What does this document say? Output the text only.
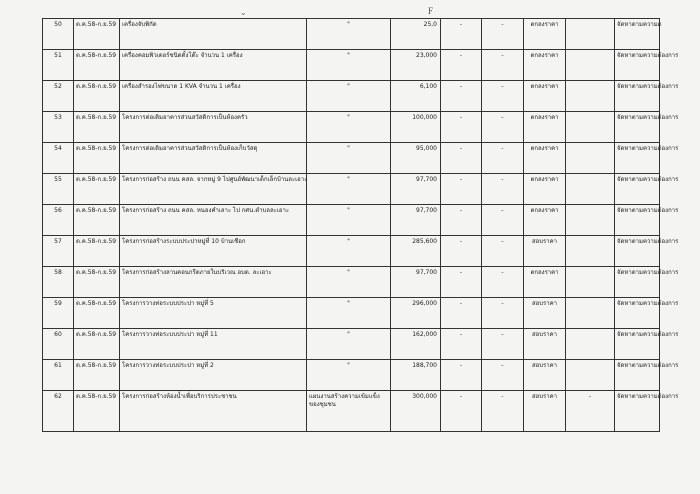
F
⌄
50	ต.ค.58-ก.ย.59	เครื่องจับพิกัด	"	25,0	-	-	ตกลงราคา		จัดหาตามความต
51	ต.ค.58-ก.ย.59	เครื่องคอมพิวเตอร์ชนิดตั้งโต๊ะ จำนวน 1 เครื่อง	"	23,000	-	-	ตกลงราคา		จัดหาตามความต้องการ
52	ต.ค.58-ก.ย.59	เครื่องสำรองไฟขนาด 1 KVA จำนวน 1 เครื่อง	"	6,100	-	-	ตกลงราคา		จัดหาตามความต้องการ
53	ต.ค.58-ก.ย.59	โครงการต่อเติมอาคารส่วนสวัสดิการเป็นห้องครัว	"	100,000	-	-	ตกลงราคา		จัดหาตามความต้องการ
54	ต.ค.58-ก.ย.59	โครงการต่อเติมอาคารส่วนสวัสดิการเป็นห้องเก็บวัสดุ	"	95,000	-	-	ตกลงราคา		จัดหาตามความต้องการ
55	ต.ค.58-ก.ย.59	โครงการก่อสร้าง ถนน คสล. จากหมู่ 9 ไปศูนย์พัฒนาเด็กเล็กบ้านละเอาะ	"	97,700	-	-	ตกลงราคา		จัดหาตามความต้องการ
56	ต.ค.58-ก.ย.59	โครงการก่อสร้าง ถนน คสล. หนองคำเลาะ ไป กศน.ตำบลละเอาะ	"	97,700	-	-	ตกลงราคา		จัดหาตามความต้องการ
57	ต.ค.58-ก.ย.59	โครงการก่อสร้างระบบประปาหมู่ที่ 10 บ้านเชือก	"	285,600	-	-	สอบราคา		จัดหาตามความต้องการ
58	ต.ค.58-ก.ย.59	โครงการก่อสร้างลานคอนกรีตภายในบริเวณ อบต. ละเอาะ	"	97,700	-	-	ตกลงราคา		จัดหาตามความต้องการ
59	ต.ค.58-ก.ย.59	โครงการวางท่อระบบประปา หมู่ที่ 5	"	296,000	-	-	สอบราคา		จัดหาตามความต้องการ
60	ต.ค.58-ก.ย.59	โครงการวางท่อระบบประปา หมู่ที่ 11	"	162,000	-	-	สอบราคา		จัดหาตามความต้องการ
61	ต.ค.58-ก.ย.59	โครงการวางท่อระบบประปา หมู่ที่ 2	"	188,700	-	-	สอบราคา		จัดหาตามความต้องการ
62	ต.ค.58-ก.ย.59	โครงการก่อสร้างห้องน้ำเพื่อบริการประชาชน	แผนงานสร้างความเข้มแข็งของชุมชน	300,000	-	-	สอบราคา	-	จัดหาตามความต้องการ
